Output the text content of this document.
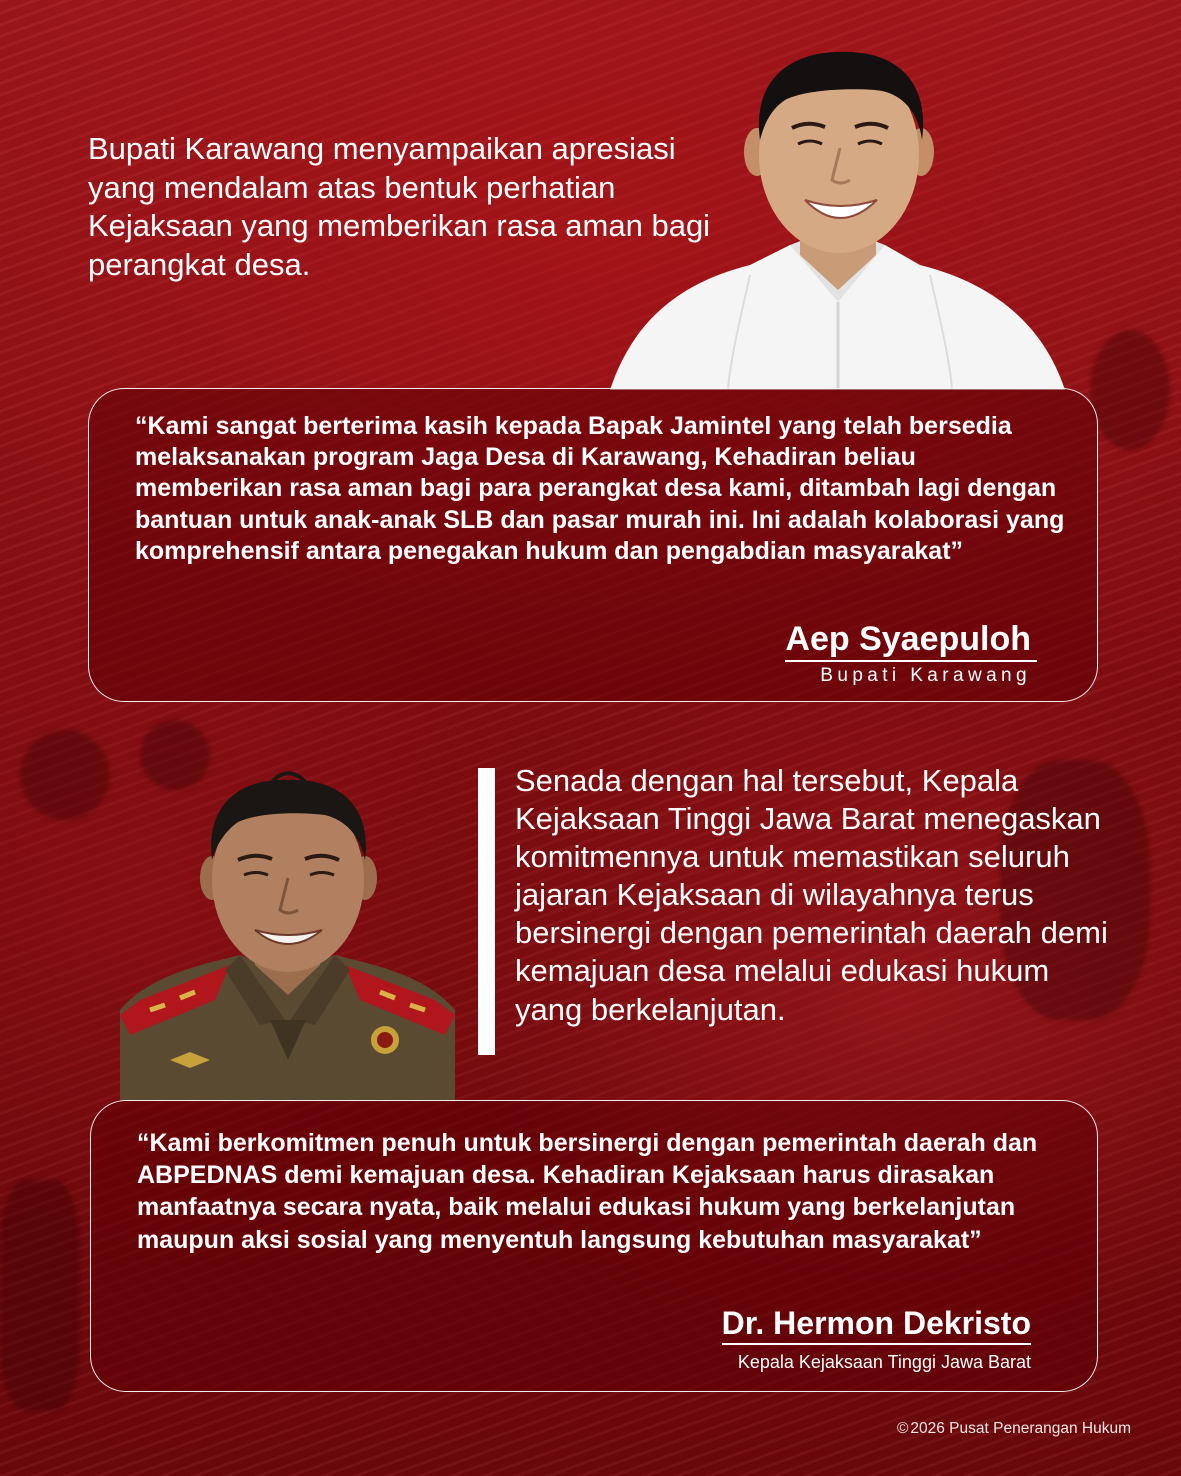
Bupati Karawang menyampaikan apresiasi yang mendalam atas bentuk perhatian Kejaksaan yang memberikan rasa aman bagi perangkat desa.

“Kami sangat berterima kasih kepada Bapak Jamintel yang telah bersedia melaksanakan program Jaga Desa di Karawang, Kehadiran beliau memberikan rasa aman bagi para perangkat desa kami, ditambah lagi dengan bantuan untuk anak-anak SLB dan pasar murah ini. Ini adalah kolaborasi yang komprehensif antara penegakan hukum dan pengabdian masyarakat”

Aep Syaepuloh

Bupati Karawang

Senada dengan hal tersebut, Kepala Kejaksaan Tinggi Jawa Barat menegaskan komitmennya untuk memastikan seluruh jajaran Kejaksaan di wilayahnya terus bersinergi dengan pemerintah daerah demi kemajuan desa melalui edukasi hukum yang berkelanjutan.

“Kami berkomitmen penuh untuk bersinergi dengan pemerintah daerah dan ABPEDNAS demi kemajuan desa. Kehadiran Kejaksaan harus dirasakan manfaatnya secara nyata, baik melalui edukasi hukum yang berkelanjutan maupun aksi sosial yang menyentuh langsung kebutuhan masyarakat”

Dr. Hermon Dekristo

Kepala Kejaksaan Tinggi Jawa Barat

© 2026 Pusat Penerangan Hukum
